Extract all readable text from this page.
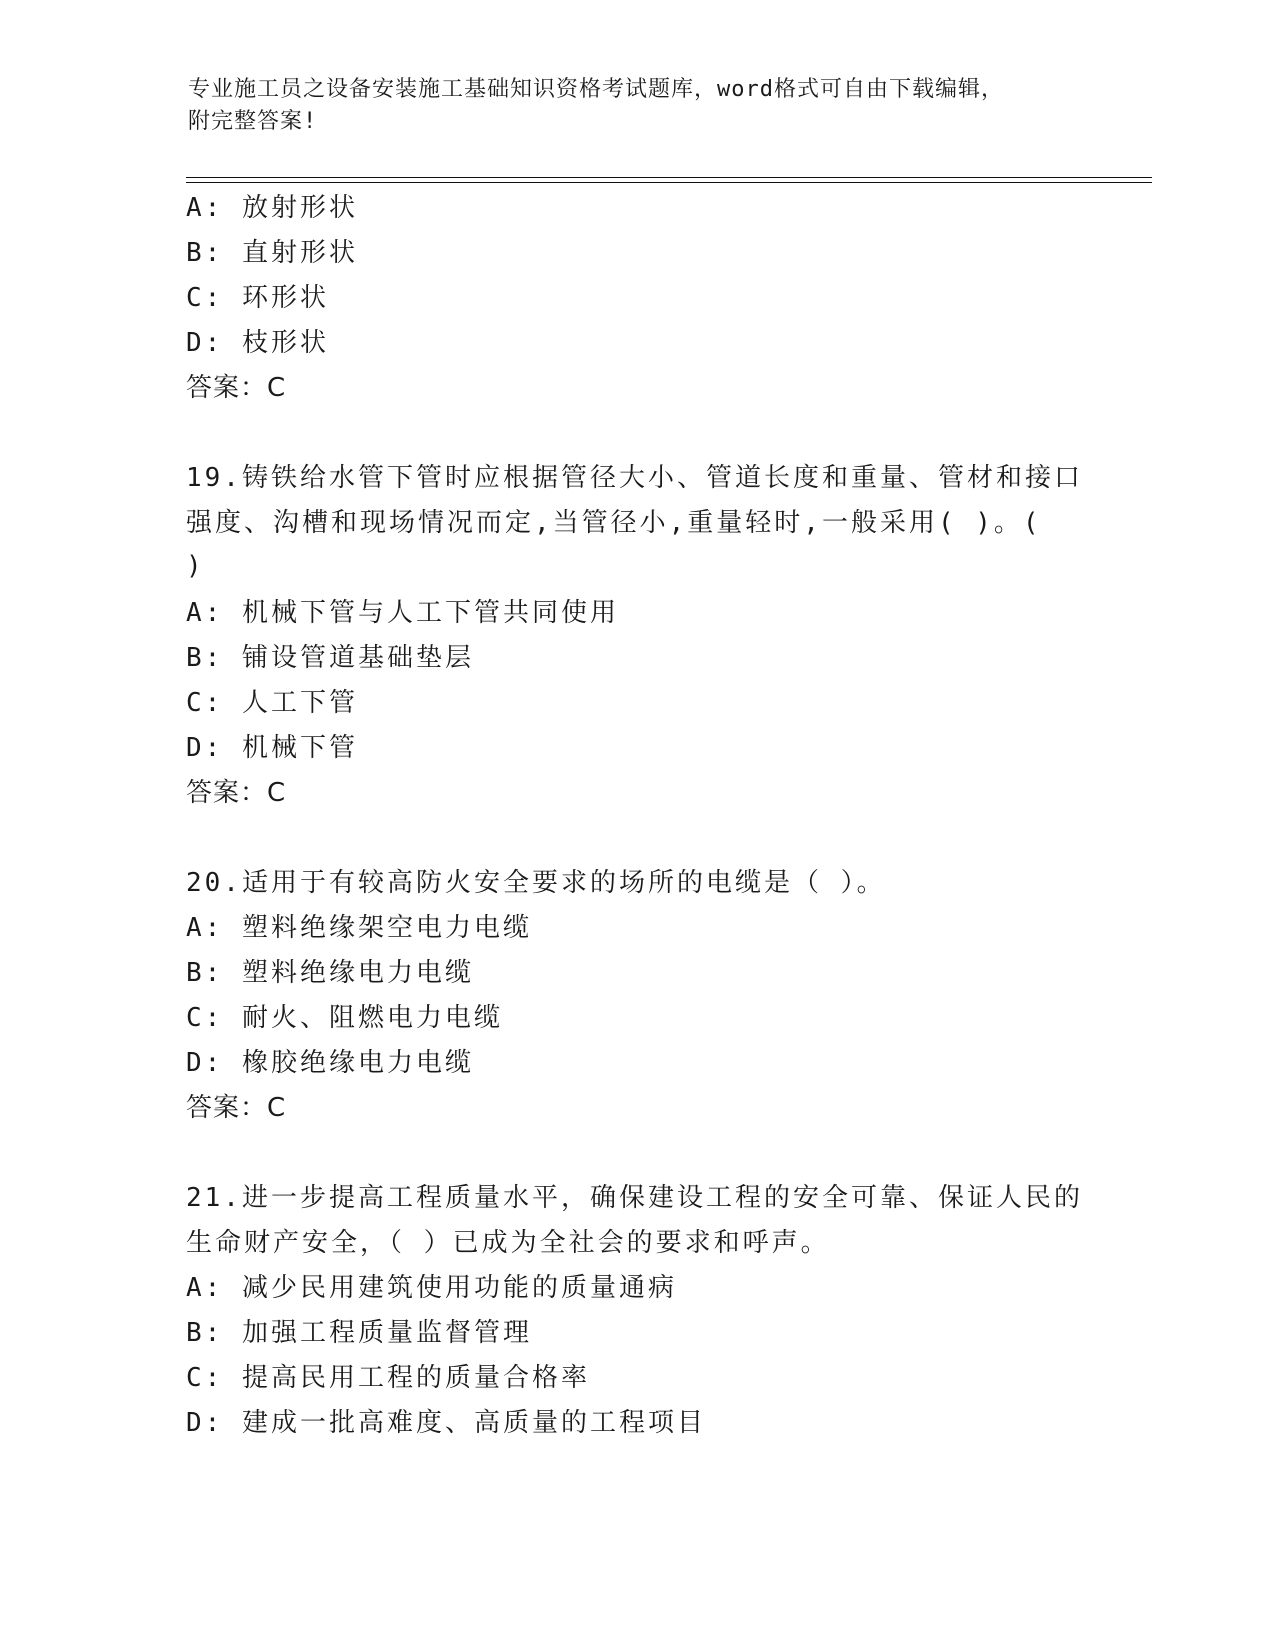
专业施工员之设备安装施工基础知识资格考试题库，word格式可自由下载编辑，
附完整答案!
A: 放射形状
B: 直射形状
C: 环形状
D: 枝形状
答案：C
19.铸铁给水管下管时应根据管径大小、管道长度和重量、管材和接口
强度、沟槽和现场情况而定,当管径小,重量轻时,一般采用( )。(
)
A: 机械下管与人工下管共同使用
B: 铺设管道基础垫层
C: 人工下管
D: 机械下管
答案：C
20.适用于有较高防火安全要求的场所的电缆是（ ）。
A: 塑料绝缘架空电力电缆
B: 塑料绝缘电力电缆
C: 耐火、阻燃电力电缆
D: 橡胶绝缘电力电缆
答案：C
21.进一步提高工程质量水平，确保建设工程的安全可靠、保证人民的
生命财产安全，（ ）已成为全社会的要求和呼声。
A: 减少民用建筑使用功能的质量通病
B: 加强工程质量监督管理
C: 提高民用工程的质量合格率
D: 建成一批高难度、高质量的工程项目
